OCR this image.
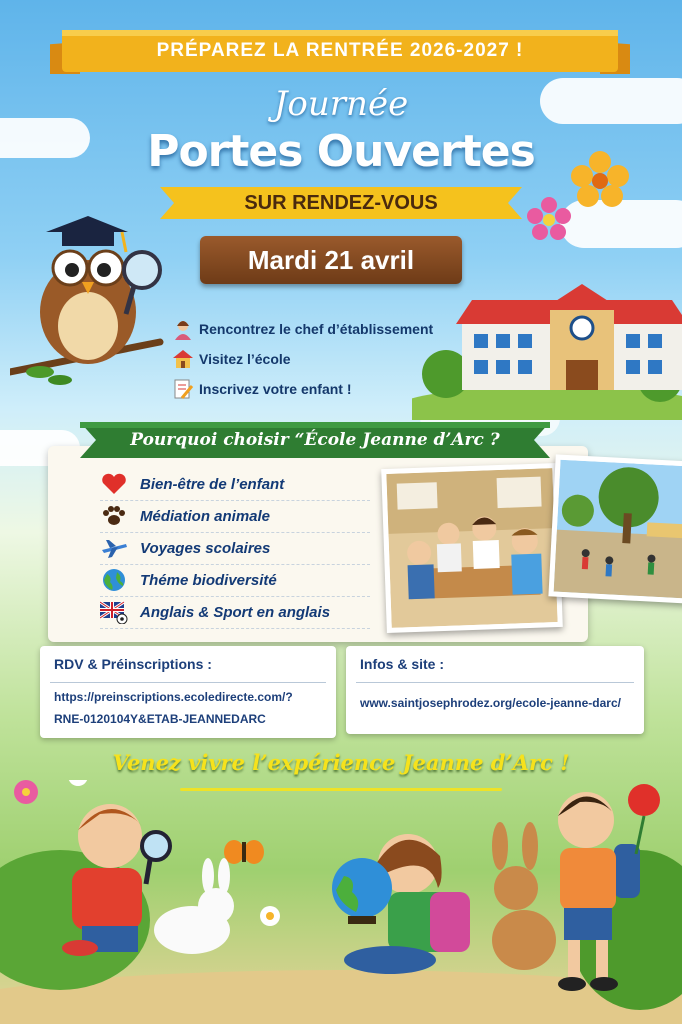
PRÉPAREZ LA RENTRÉE 2026-2027 !
Journée
Portes Ouvertes
SUR RENDEZ-VOUS
Mardi 21 avril
Rencontrez le chef d’établissement
Visitez l’école
Inscrivez votre enfant !
Pourquoi choisir “École Jeanne d’Arc ?
Bien-être de l’enfant
Médiation animale
Voyages scolaires
Théme biodiversité
Anglais & Sport en anglais
RDV & Préinscriptions :
https://preinscriptions.ecoledirecte.com/?
RNE-0120104Y&ETAB-JEANNEDARC
Infos & site :
www.saintjosephrodez.org/ecole-jeanne-darc/
Venez vivre l’expérience Jeanne d’Arc !
